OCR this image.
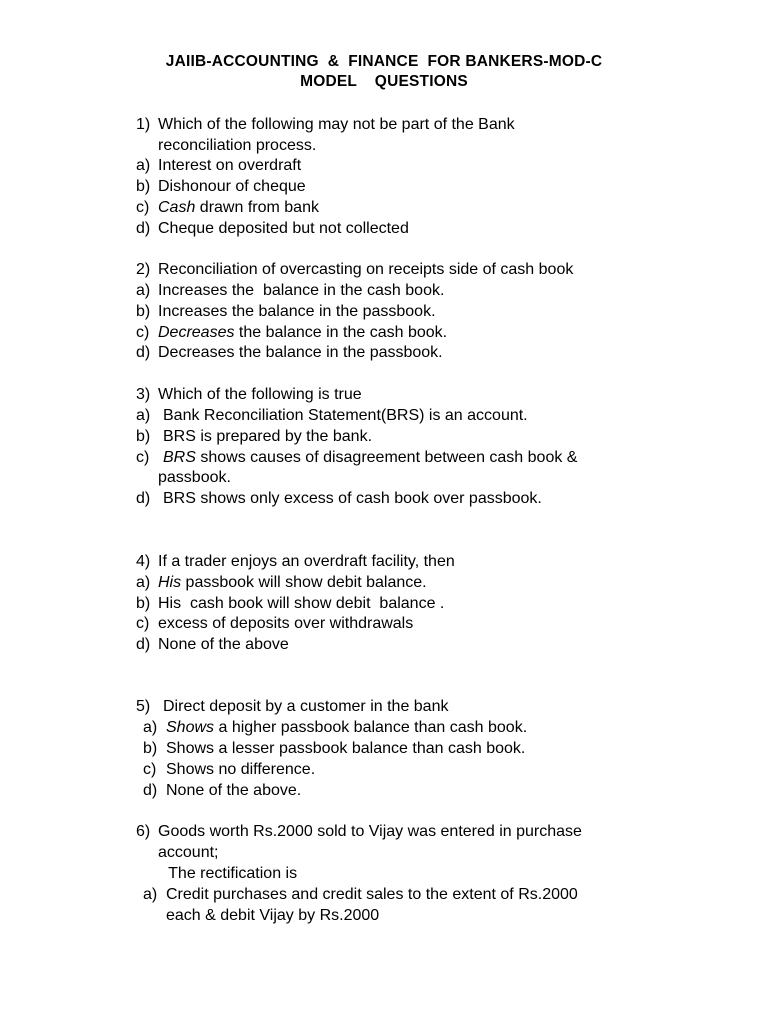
JAIIB-ACCOUNTING  &  FINANCE  FOR BANKERS-MOD-C
MODEL    QUESTIONS
1) Which of the following may not be part of the Bank
reconciliation process.
a) Interest on overdraft
b) Dishonour of cheque
c) Cash drawn from bank
d) Cheque deposited but not collected
2) Reconciliation of overcasting on receipts side of cash book
a) Increases the  balance in the cash book.
b) Increases the balance in the passbook.
c) Decreases the balance in the cash book.
d) Decreases the balance in the passbook.
3) Which of the following is true
a) Bank Reconciliation Statement(BRS) is an account.
b) BRS is prepared by the bank.
c) BRS shows causes of disagreement between cash book &
passbook.
d) BRS shows only excess of cash book over passbook.
4) If a trader enjoys an overdraft facility, then
a) His passbook will show debit balance.
b) His  cash book will show debit  balance .
c) excess of deposits over withdrawals
d) None of the above
5) Direct deposit by a customer in the bank
a) Shows a higher passbook balance than cash book.
b) Shows a lesser passbook balance than cash book.
c) Shows no difference.
d) None of the above.
6) Goods worth Rs.2000 sold to Vijay was entered in purchase
account;
The rectification is
a) Credit purchases and credit sales to the extent of Rs.2000
each & debit Vijay by Rs.2000
